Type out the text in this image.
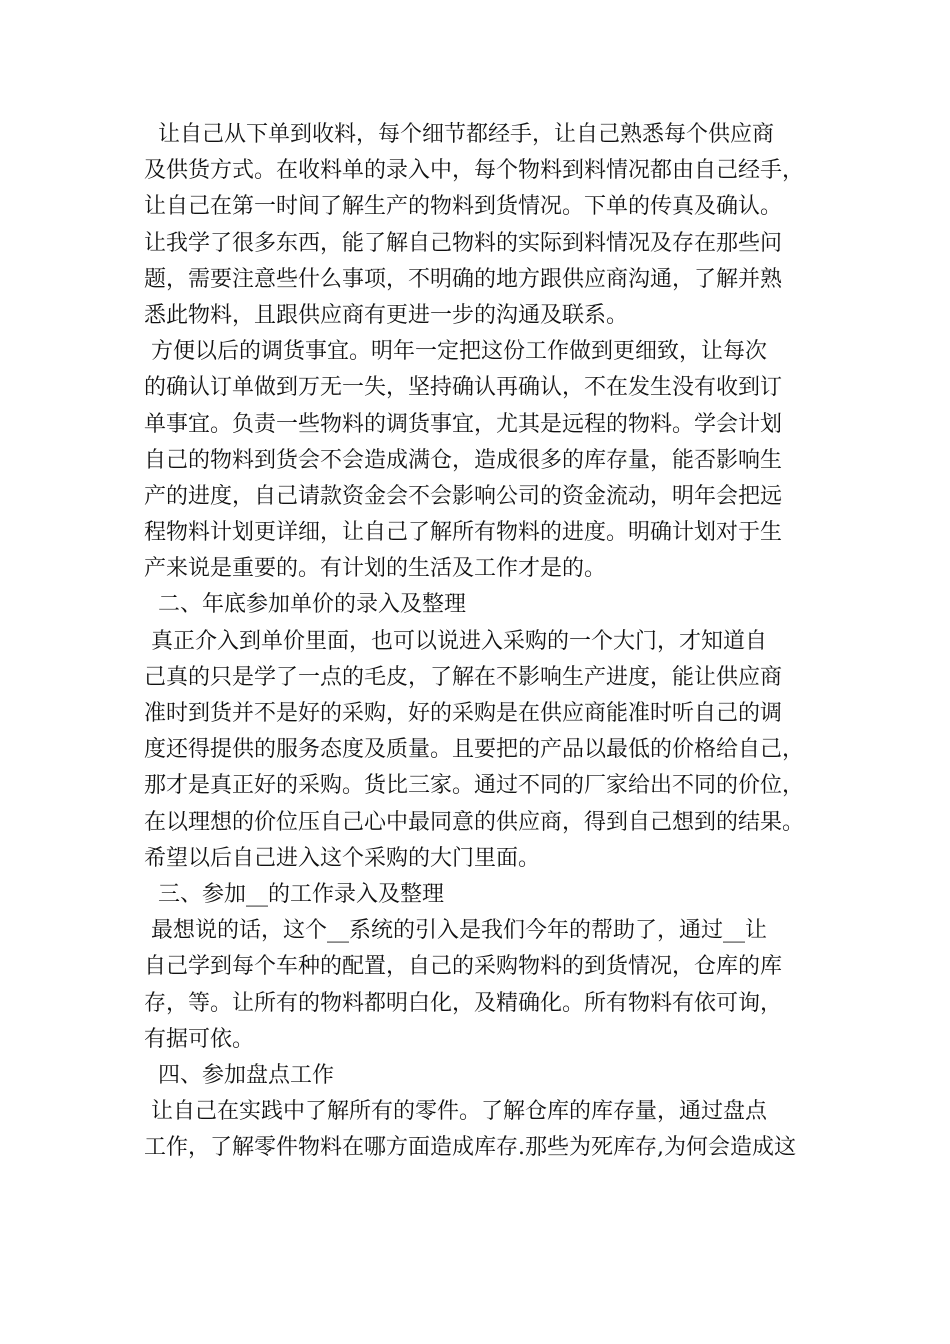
让自己从下单到收料，每个细节都经手，让自己熟悉每个供应商
及供货方式。在收料单的录入中，每个物料到料情况都由自己经手，
让自己在第一时间了解生产的物料到货情况。下单的传真及确认。
让我学了很多东西，能了解自己物料的实际到料情况及存在那些问
题，需要注意些什么事项，不明确的地方跟供应商沟通，了解并熟
悉此物料，且跟供应商有更进一步的沟通及联系。
方便以后的调货事宜。明年一定把这份工作做到更细致，让每次
的确认订单做到万无一失，坚持确认再确认，不在发生没有收到订
单事宜。负责一些物料的调货事宜，尤其是远程的物料。学会计划
自己的物料到货会不会造成满仓，造成很多的库存量，能否影响生
产的进度，自己请款资金会不会影响公司的资金流动，明年会把远
程物料计划更详细，让自己了解所有物料的进度。明确计划对于生
产来说是重要的。有计划的生活及工作才是的。
二、年底参加单价的录入及整理
真正介入到单价里面，也可以说进入采购的一个大门，才知道自
己真的只是学了一点的毛皮，了解在不影响生产进度，能让供应商
准时到货并不是好的采购，好的采购是在供应商能准时听自己的调
度还得提供的服务态度及质量。且要把的产品以最低的价格给自己，
那才是真正好的采购。货比三家。通过不同的厂家给出不同的价位，
在以理想的价位压自己心中最同意的供应商，得到自己想到的结果。
希望以后自己进入这个采购的大门里面。
三、参加__的工作录入及整理
最想说的话，这个__系统的引入是我们今年的帮助了，通过__让
自己学到每个车种的配置，自己的采购物料的到货情况，仓库的库
存，等。让所有的物料都明白化，及精确化。所有物料有依可询，
有据可依。
四、参加盘点工作
让自己在实践中了解所有的零件。了解仓库的库存量，通过盘点
工作，了解零件物料在哪方面造成库存.那些为死库存,为何会造成这
